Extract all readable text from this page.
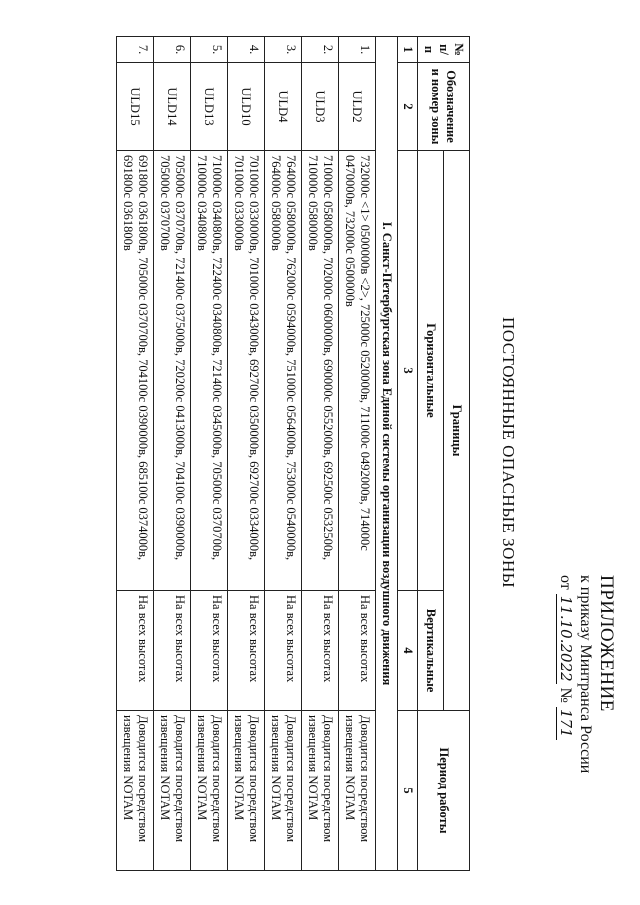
ПРИЛОЖЕНИЕ
к приказу Минтранса России
от 11.10.2022 № 171
ПОСТОЯННЫЕ ОПАСНЫЕ ЗОНЫ
№ п/п	Обозначение и номер зоны	Границы		Период работы
		Горизонтальные	Вертикальные	
1	2	3	4	5
I. Санкт-Петербургская зона Единой системы организации воздушного движения				
1.	ULD2	732000с <1> 0500000в <2>, 725000с 0520000в, 711000с 0492000в, 714000с 0470000в, 732000с 0500000в	На всех высотах	Доводится посредством извещения NOTAM
2.	ULD3	710000с 0580000в, 702000с 0600000в, 690000с 0552000в, 692500с 0532500в, 710000с 0580000в	На всех высотах	Доводится посредством извещения NOTAM
3.	ULD4	764000с 0580000в, 762000с 0594000в, 751000с 0564000в, 753000с 0540000в, 764000с 0580000в	На всех высотах	Доводится посредством извещения NOTAM
4.	ULD10	701000с 0330000в, 701000с 0343000в, 692700с 0350000в, 692700с 0334000в, 701000с 0330000в	На всех высотах	Доводится посредством извещения NOTAM
5.	ULD13	710000с 0340800в, 722400с 0340800в, 721400с 0345000в, 705000с 0370700в, 710000с 0340800в	На всех высотах	Доводится посредством извещения NOTAM
6.	ULD14	705000с 0370700в, 721400с 0375000в, 720200с 0413000в, 704100с 0390000в, 705000с 0370700в	На всех высотах	Доводится посредством извещения NOTAM
7.	ULD15	691800с 0361800в, 705000с 0370700в, 704100с 0390000в, 685100с 0374000в, 691800с 0361800в	На всех высотах	Доводится посредством извещения NOTAM
